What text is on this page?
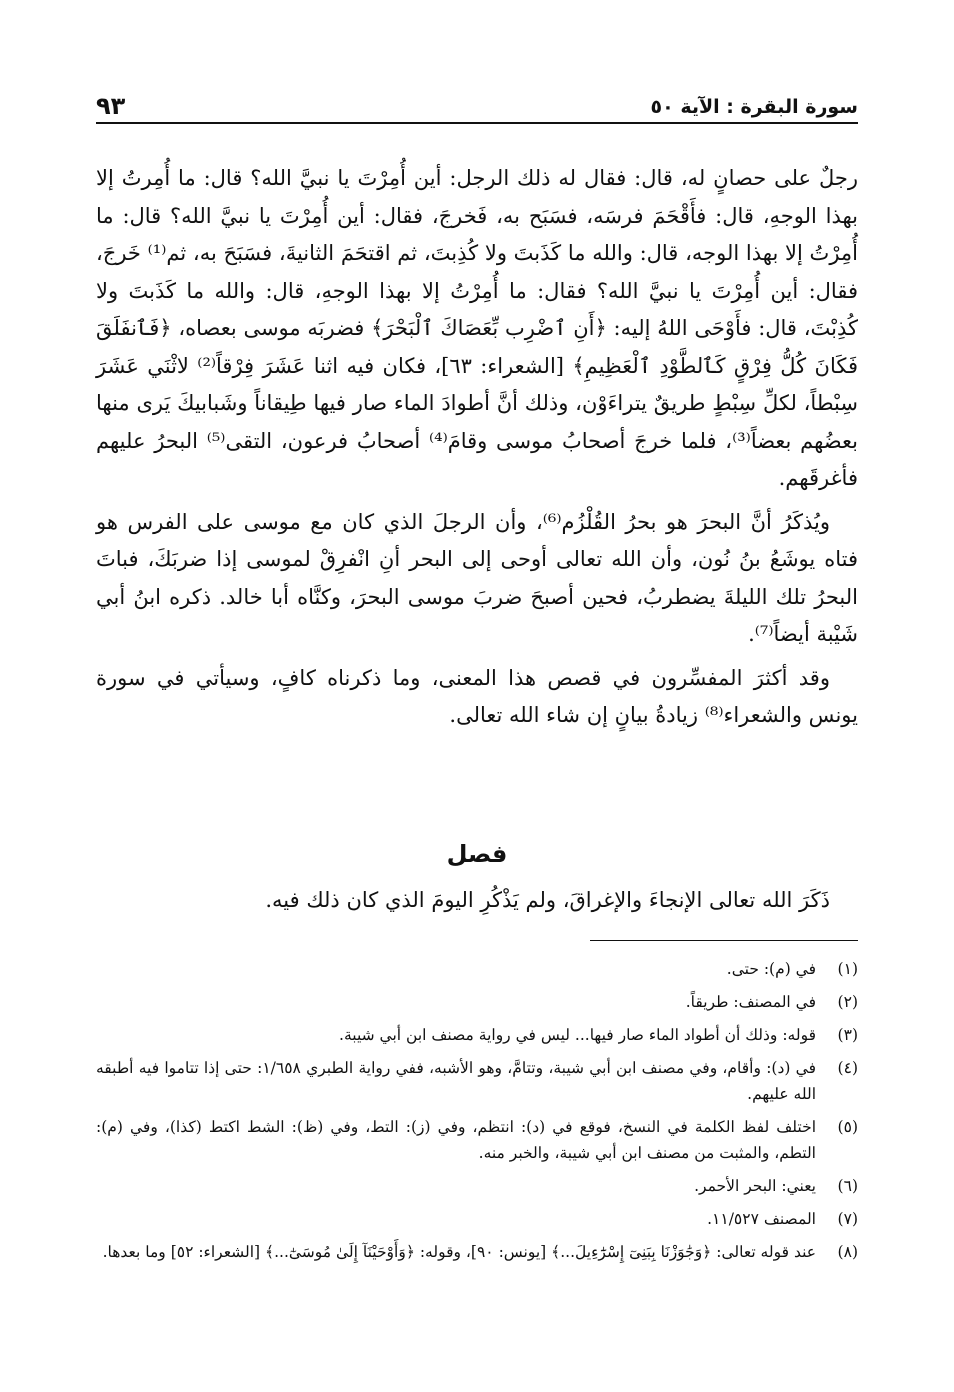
سورة البقرة : الآية ٥٠
٩٣

رجلٌ على حصانٍ له، قال: فقال له ذلك الرجل: أين أُمِرْتَ يا نبيَّ الله؟ قال: ما أُمِرتُ إلا بهذا الوجهِ، قال: فأَقْحَمَ فرسَه، فسَبَح به، فَخرجَ، فقال: أين أُمِرْتَ يا نبيَّ الله؟ قال: ما أُمِرْتُ إلا بهذا الوجه، قال: والله ما كَذَبتَ ولا كُذِبتَ، ثم اقتحَمَ الثانيةَ، فسَبَحَ به، ثم⁽¹⁾ خَرجَ، فقال: أين أُمِرْتَ يا نبيَّ الله؟ فقال: ما أُمِرْتُ إلا بهذا الوجهِ، قال: والله ما كَذَبتَ ولا كُذِبْتَ، قال: فأَوْحَى اللهُ إليه: ﴿أَنِ ٱضْرِب بِّعَصَاكَ ٱلْبَحْرَ﴾ فضربَه موسى بعصاه، ﴿فَٱنفَلَقَ فَكَانَ كُلُّ فِرْقٍ كَٱلطَّوْدِ ٱلْعَظِيمِ﴾ [الشعراء: ٦٣]، فكان فيه اثنا عَشَرَ فِرْقاً⁽²⁾ لاثْنَي عَشَرَ سِبْطاً، لكلِّ سِبْطٍ طريقٌ يتراءَوْن، وذلك أنَّ أطوادَ الماء صار فيها طِيقاناً وشَبابيكَ يَرى منها بعضُهم بعضاً⁽³⁾، فلما خرجَ أصحابُ موسى وقامَ⁽⁴⁾ أصحابُ فرعون، التقى⁽⁵⁾ البحرُ عليهم فأغرقَهم.

ويُذكَرُ أنَّ البحرَ هو بحرُ القُلْزُم⁽⁶⁾، وأن الرجلَ الذي كان مع موسى على الفرس هو فتاه يوشَعُ بنُ نُون، وأن الله تعالى أوحى إلى البحر أنِ انْفرِقْ لموسى إذا ضربَكَ، فباتَ البحرُ تلك الليلةَ يضطربُ، فحين أصبحَ ضربَ موسى البحرَ، وكنَّاه أبا خالد. ذكره ابنُ أبي شَيْبة أيضاً⁽⁷⁾.

وقد أكثرَ المفسِّرون في قصص هذا المعنى، وما ذكرناه كافٍ، وسيأتي في سورة يونس والشعراء⁽⁸⁾ زيادةُ بيانٍ إن شاء الله تعالى.

فصل
ذَكَرَ الله تعالى الإنجاءَ والإغراقَ، ولم يَذْكُرِ اليومَ الذي كان ذلك فيه.
(١)
في (م): حتى.
(٢)
في المصنف: طريقاً.
(٣)
قوله: وذلك أن أطواد الماء صار فيها... ليس في رواية مصنف ابن أبي شيبة.
(٤)
في (د): وأقام، وفي مصنف ابن أبي شيبة، وتتامَّ، وهو الأشبه، ففي رواية الطبري ١/٦٥٨: حتى إذا تتاموا فيه أطبقه الله عليهم.
(٥)
اختلف لفظ الكلمة في النسخ، فوقع في (د): انتظم، وفي (ز): التط، وفي (ظ): الشط اكتط (كذا)، وفي (م): التطم، والمثبت من مصنف ابن أبي شيبة، والخبر منه.
(٦)
يعني: البحر الأحمر.
(٧)
المصنف ١١/٥٢٧.
(٨)
عند قوله تعالى: ﴿وَجَٰوَزْنَا بِبَنِىٓ إِسْرَٰٓءِيلَ...﴾ [يونس: ٩٠]، وقوله: ﴿وَأَوْحَيْنَآ إِلَىٰ مُوسَىٰٓ...﴾ [الشعراء: ٥٢] وما بعدها.
